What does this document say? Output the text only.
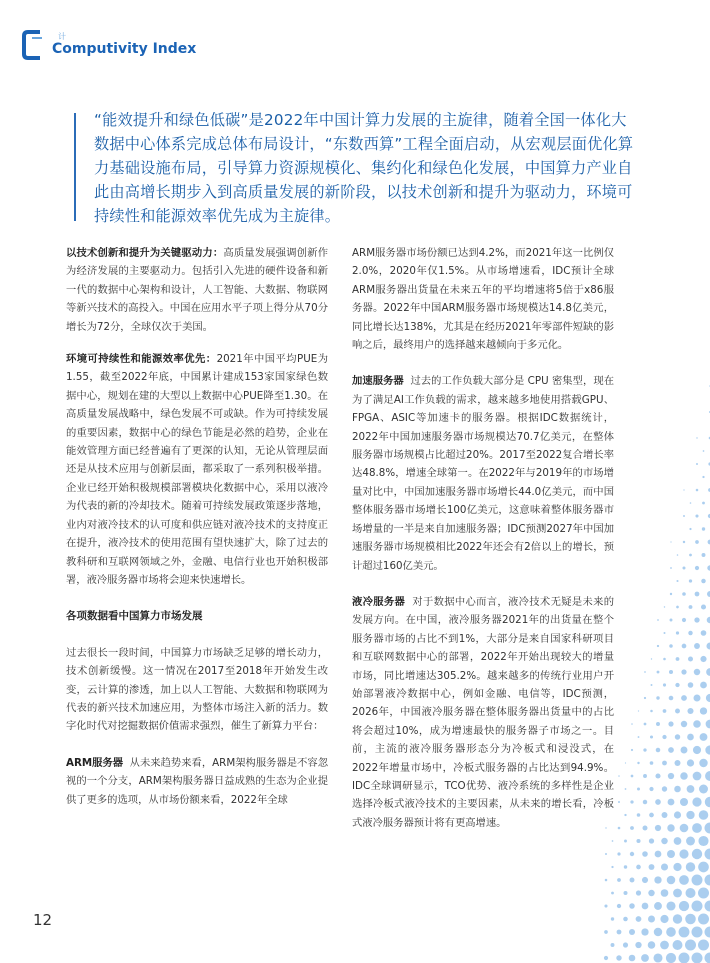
计
Computivity Index

“能效提升和绿色低碳”是2022年中国计算力发展的主旋律，随着全国一体化大数据中心体系完成总体布局设计，“东数西算”工程全面启动，从宏观层面优化算力基础设施布局，引导算力资源规模化、集约化和绿色化发展，中国算力产业自此由高增长期步入到高质量发展的新阶段，以技术创新和提升为驱动力，环境可持续性和能源效率优先成为主旋律。

以技术创新和提升为关键驱动力：高质量发展强调创新作为经济发展的主要驱动力。包括引入先进的硬件设备和新一代的数据中心架构和设计，人工智能、大数据、物联网等新兴技术的高投入。中国在应用水平子项上得分从70分增长为72分，全球仅次于美国。

环境可持续性和能源效率优先：2021年中国平均PUE为1.55，截至2022年底，中国累计建成153家国家绿色数据中心，规划在建的大型以上数据中心PUE降至1.30。在高质量发展战略中，绿色发展不可或缺。作为可持续发展的重要因素，数据中心的绿色节能是必然的趋势，企业在能效管理方面已经普遍有了更深的认知，无论从管理层面还是从技术应用与创新层面，都采取了一系列积极举措。企业已经开始积极规模部署模块化数据中心，采用以液冷为代表的新的冷却技术。随着可持续发展政策逐步落地，业内对液冷技术的认可度和供应链对液冷技术的支持度正在提升，液冷技术的使用范围有望快速扩大，除了过去的教科研和互联网领域之外，金融、电信行业也开始积极部署，液冷服务器市场将会迎来快速增长。

各项数据看中国算力市场发展

过去很长一段时间，中国算力市场缺乏足够的增长动力，技术创新缓慢。这一情况在2017至2018年开始发生改变，云计算的渗透，加上以人工智能、大数据和物联网为代表的新兴技术加速应用，为整体市场注入新的活力。数字化时代对挖掘数据价值需求强烈，催生了新算力平台：

ARM服务器 从未来趋势来看，ARM架构服务器是不容忽视的一个分支，ARM架构服务器日益成熟的生态为企业提供了更多的选项，从市场份额来看，2022年全球

ARM服务器市场份额已达到4.2%，而2021年这一比例仅2.0%，2020年仅1.5%。从市场增速看，IDC预计全球ARM服务器出货量在未来五年的平均增速将5倍于x86服务器。2022年中国ARM服务器市场规模达14.8亿美元，同比增长达138%，尤其是在经历2021年零部件短缺的影响之后，最终用户的选择越来越倾向于多元化。

加速服务器 过去的工作负载大部分是 CPU 密集型，现在为了满足AI工作负载的需求，越来越多地使用搭载GPU、FPGA、ASIC等加速卡的服务器。根据IDC数据统计，2022年中国加速服务器市场规模达70.7亿美元，在整体服务器市场规模占比超过20%。2017至2022复合增长率达48.8%，增速全球第一。在2022年与2019年的市场增量对比中，中国加速服务器市场增长44.0亿美元，而中国整体服务器市场增长100亿美元，这意味着整体服务器市场增量的一半是来自加速服务器；IDC预测2027年中国加速服务器市场规模相比2022年还会有2倍以上的增长，预计超过160亿美元。

液冷服务器 对于数据中心而言，液冷技术无疑是未来的发展方向。在中国，液冷服务器2021年的出货量在整个服务器市场的占比不到1%，大部分是来自国家科研项目和互联网数据中心的部署，2022年开始出现较大的增量市场，同比增速达305.2%。越来越多的传统行业用户开始部署液冷数据中心，例如金融、电信等，IDC预测，2026年，中国液冷服务器在整体服务器出货量中的占比将会超过10%，成为增速最快的服务器子市场之一。目前，主流的液冷服务器形态分为冷板式和浸没式，在2022年增量市场中，冷板式服务器的占比达到94.9%。IDC全球调研显示，TCO优势、液冷系统的多样性是企业选择冷板式液冷技术的主要因素，从未来的增长看，冷板式液冷服务器预计将有更高增速。

12
